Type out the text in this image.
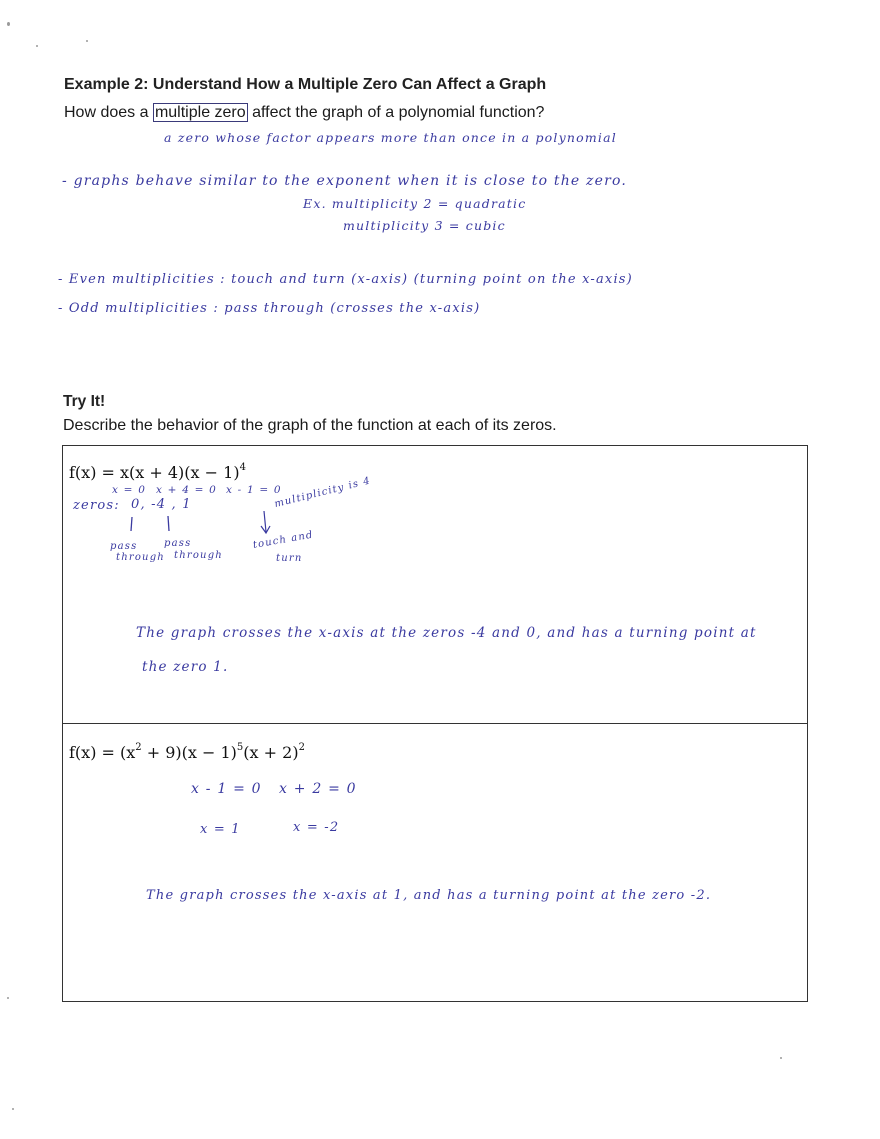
Example 2: Understand How a Multiple Zero Can Affect a Graph
How does a multiple zero affect the graph of a polynomial function?
a zero whose factor appears more than once in a polynomial
- graphs behave similar to the exponent when it is close to the zero.
Ex. multiplicity 2 = quadratic
multiplicity 3 = cubic
- Even multiplicities : touch and turn (x-axis) (turning point on the x-axis)
- Odd multiplicities : pass through (crosses the x-axis)
Try It!
Describe the behavior of the graph of the function at each of its zeros.
$f(x) = x(x + 4)(x - 1)^4$
x = 0 x + 4 = 0 x - 1 = 0
zeros: 0, -4 , 1	multiplicity is 4
pass
through
pass
through
touch and
turn
The graph crosses the x-axis at the zeros -4 and 0, and has a turning point at
the zero 1.
$f(x) = (x^2 + 9)(x - 1)^5(x + 2)^2$
x - 1 = 0 x + 2 = 0
x = 1	x = -2
The graph crosses the x-axis at 1, and has a turning point at the zero -2.
